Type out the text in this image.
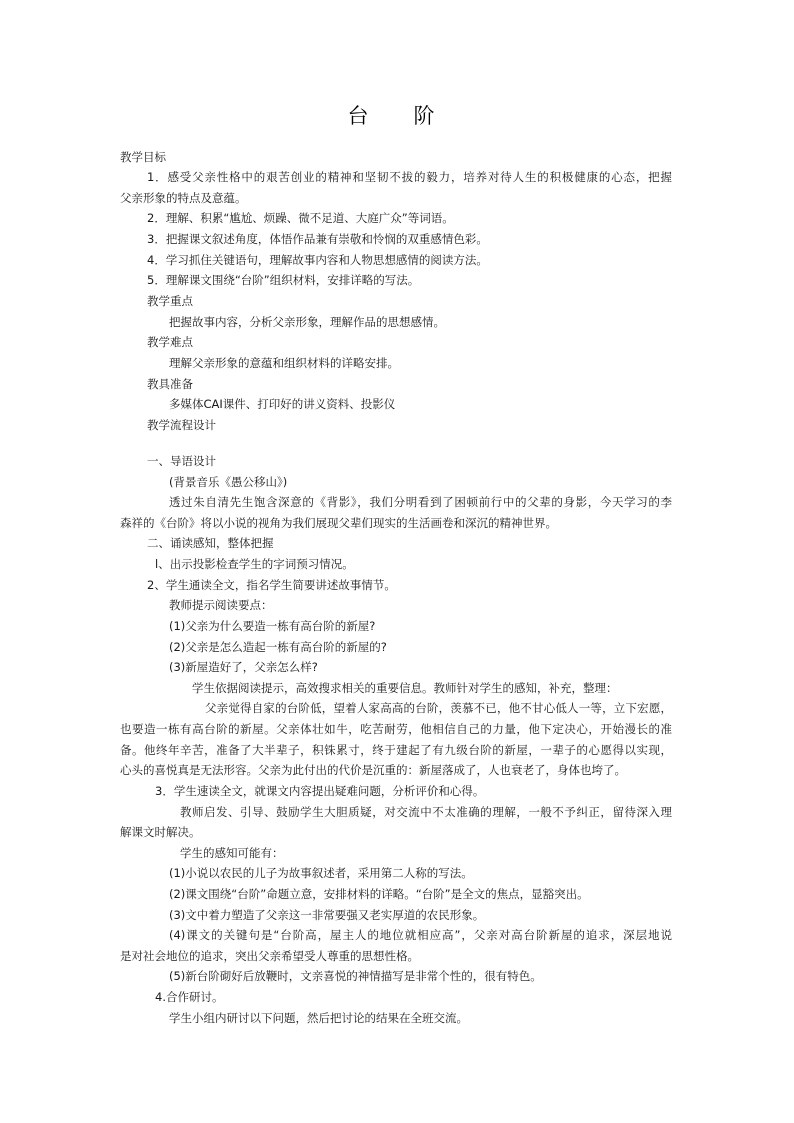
台　阶
教学目标
1．感受父亲性格中的艰苦创业的精神和坚韧不拔的毅力，培养对待人生的积极健康的心态，把握
父亲形象的特点及意蕴。
2．理解、积累“尴尬、烦躁、微不足道、大庭广众”等词语。
3．把握课文叙述角度，体悟作品兼有崇敬和怜悯的双重感情色彩。
4．学习抓住关键语句，理解故事内容和人物思想感情的阅读方法。
5．理解课文围绕“台阶”组织材料，安排详略的写法。
教学重点
把握故事内容，分析父亲形象，理解作品的思想感情。
教学难点
理解父亲形象的意蕴和组织材料的详略安排。
教具准备
多媒体CAI课件、打印好的讲义资料、投影仪
教学流程设计
一、导语设计
(背景音乐《愚公移山》)
透过朱自清先生饱含深意的《背影》，我们分明看到了困顿前行中的父辈的身影，今天学习的李
森祥的《台阶》将以小说的视角为我们展现父辈们现实的生活画卷和深沉的精神世界。
二、诵读感知，整体把握
l、出示投影检查学生的字词预习情况。
2、学生通读全文，指名学生简要讲述故事情节。
教师提示阅读要点：
(1)父亲为什么要造一栋有高台阶的新屋?
(2)父亲是怎么造起一栋有高台阶的新屋的?
(3)新屋造好了，父亲怎么样?
学生依据阅读提示，高效搜求相关的重要信息。教师针对学生的感知，补充，整理：
父亲觉得自家的台阶低，望着人家高高的台阶，羡慕不已，他不甘心低人一等，立下宏愿，
也要造一栋有高台阶的新屋。父亲体壮如牛，吃苦耐劳，他相信自己的力量，他下定决心，开始漫长的准
备。他终年辛苦，准备了大半辈子，积铢累寸，终于建起了有九级台阶的新屋，一辈子的心愿得以实现，
心头的喜悦真是无法形容。父亲为此付出的代价是沉重的：新屋落成了，人也衰老了，身体也垮了。
3．学生速读全文，就课文内容提出疑难问题，分析评价和心得。
教师启发、引导、鼓励学生大胆质疑，对交流中不太准确的理解，一般不予纠正，留待深入理
解课文时解决。
学生的感知可能有：
(1)小说以农民的儿子为故事叙述者，采用第二人称的写法。
(2)课文围绕“台阶”命题立意，安排材料的详略。“台阶”是全文的焦点，显豁突出。
(3)文中着力塑造了父亲这一非常要强又老实厚道的农民形象。
(4)课文的关键句是“台阶高，屋主人的地位就相应高”，父亲对高台阶新屋的追求，深层地说
是对社会地位的追求，突出父亲希望受人尊重的思想性格。
(5)新台阶砌好后放鞭时，文亲喜悦的神情描写是非常个性的，很有特色。
4.合作研讨。
学生小组内研讨以下问题，然后把讨论的结果在全班交流。
